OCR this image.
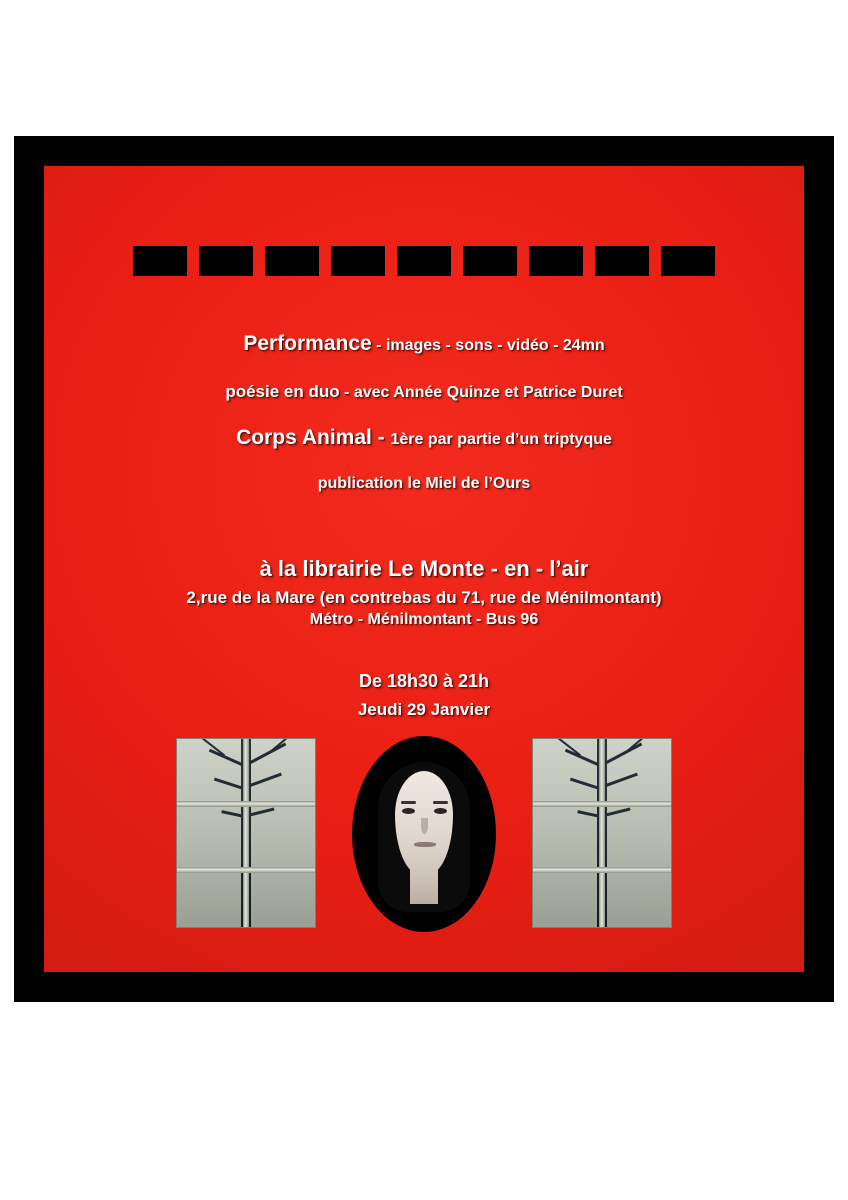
Performance - images - sons - vidéo - 24mn

poésie en duo - avec Année Quinze et Patrice Duret

Corps Animal - 1ère par partie d’un triptyque

publication le Miel de l’Ours

à la librairie Le Monte - en - l’air

2,rue de la Mare (en contrebas du 71, rue de Ménilmontant)

Métro - Ménilmontant - Bus 96

De 18h30 à 21h

Jeudi 29 Janvier
